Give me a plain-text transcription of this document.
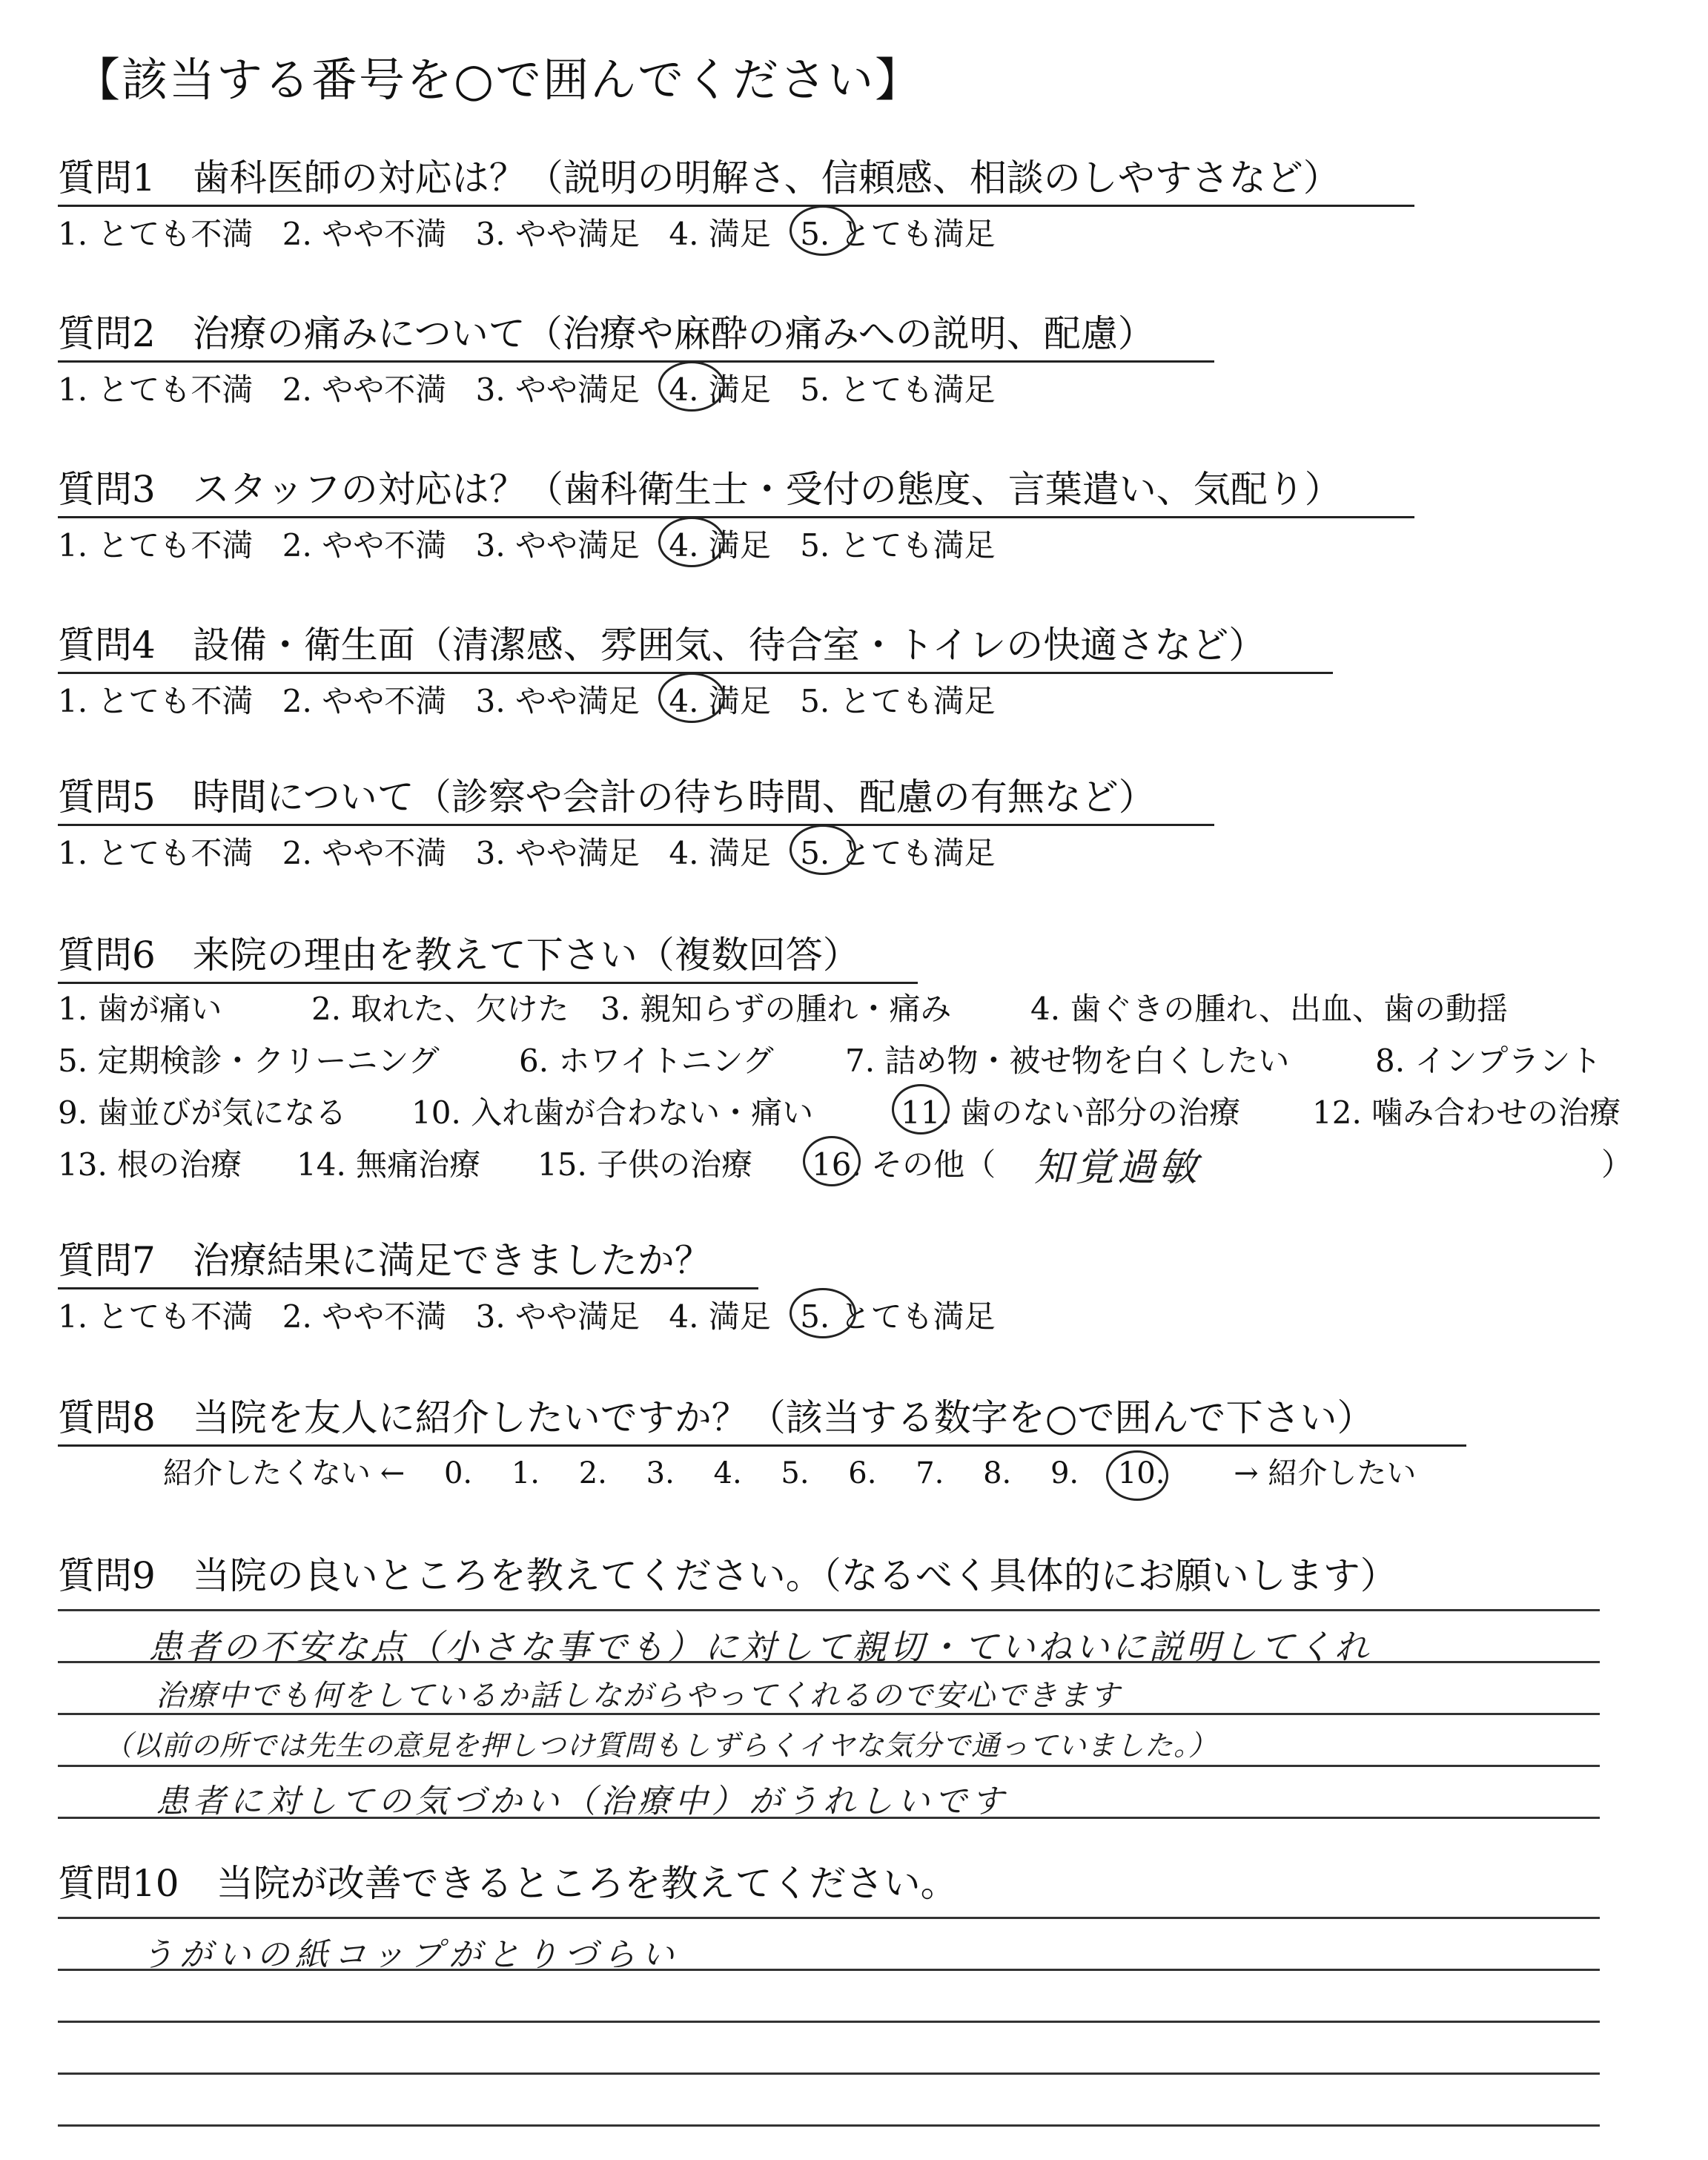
【該当する番号を○で囲んでください】
質問1　歯科医師の対応は？（説明の明解さ、信頼感、相談のしやすさなど）
1. とても不満 2. やや不満 3. やや満足 4. 満足 5. とても満足
質問2　治療の痛みについて（治療や麻酔の痛みへの説明、配慮）
1. とても不満 2. やや不満 3. やや満足 4. 満足 5. とても満足
質問3　スタッフの対応は？（歯科衛生士・受付の態度、言葉遣い、気配り）
1. とても不満 2. やや不満 3. やや満足 4. 満足 5. とても満足
質問4　設備・衛生面（清潔感、雰囲気、待合室・トイレの快適さなど）
1. とても不満 2. やや不満 3. やや満足 4. 満足 5. とても満足
質問5　時間について（診察や会計の待ち時間、配慮の有無など）
1. とても不満 2. やや不満 3. やや満足 4. 満足 5. とても満足
質問6　来院の理由を教えて下さい（複数回答）
1. 歯が痛い	2. 取れた、欠けた 3. 親知らずの腫れ・痛み	4. 歯ぐきの腫れ、出血、歯の動揺
5. 定期検診・クリーニング	6. ホワイトニング 7. 詰め物・被せ物を白くしたい	8. インプラント
9. 歯並びが気になる 10. 入れ歯が合わない・痛い	11. 歯のない部分の治療 12. 噛み合わせの治療
13. 根の治療 14. 無痛治療 15. 子供の治療 16. その他（ 知覚過敏	）
質問7　治療結果に満足できましたか？
1. とても不満 2. やや不満 3. やや満足 4. 満足 5. とても満足
質問8　当院を友人に紹介したいですか？（該当する数字を○で囲んで下さい）
紹介したくない ← 0. 1. 2. 3. 4. 5. 6. 7. 8. 9. 10. → 紹介したい
質問9　当院の良いところを教えてください。（なるべく具体的にお願いします）
患者の不安な点（小さな事でも）に対して親切・ていねいに説明してくれ
治療中でも何をしているか話しながらやってくれるので安心できます
（以前の所では先生の意見を押しつけ質問もしずらくイヤな気分で通っていました。）
患者に対しての気づかい（治療中）がうれしいです
質問10　当院が改善できるところを教えてください。
うがいの紙コップがとりづらい
